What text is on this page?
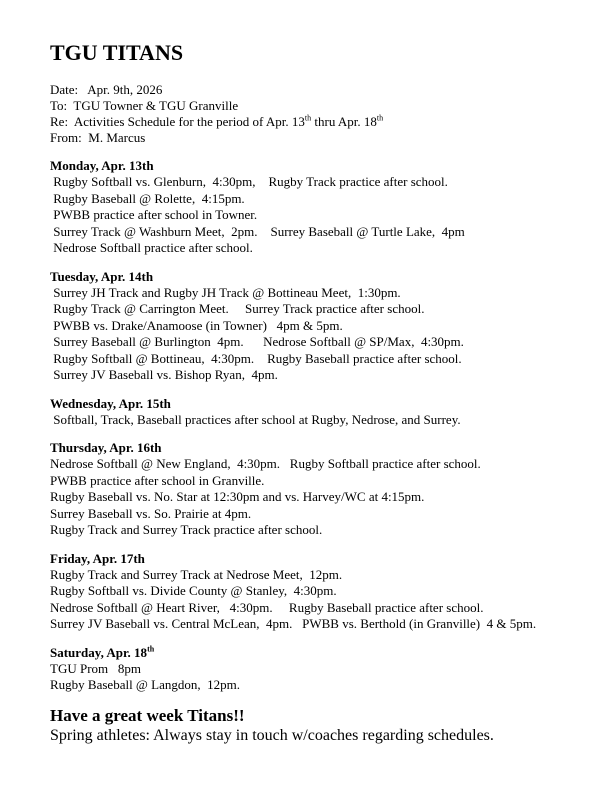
TGU TITANS
Date: Apr. 9th, 2026
To: TGU Towner & TGU Granville
Re: Activities Schedule for the period of Apr. 13th thru Apr. 18th
From: M. Marcus
Monday, Apr. 13th
Rugby Softball vs. Glenburn,  4:30pm,    Rugby Track practice after school.
Rugby Baseball @ Rolette,  4:15pm.
PWBB practice after school in Towner.
Surrey Track @ Washburn Meet,  2pm.    Surrey Baseball @ Turtle Lake,  4pm
Nedrose Softball practice after school.
Tuesday, Apr. 14th
Surrey JH Track and Rugby JH Track @ Bottineau Meet,  1:30pm.
Rugby Track @ Carrington Meet.     Surrey Track practice after school.
PWBB vs. Drake/Anamoose (in Towner)   4pm & 5pm.
Surrey Baseball @ Burlington  4pm.      Nedrose Softball @ SP/Max,  4:30pm.
Rugby Softball @ Bottineau,  4:30pm.    Rugby Baseball practice after school.
Surrey JV Baseball vs. Bishop Ryan,  4pm.
Wednesday, Apr. 15th
Softball, Track, Baseball practices after school at Rugby, Nedrose, and Surrey.
Thursday, Apr. 16th
Nedrose Softball @ New England,  4:30pm.   Rugby Softball practice after school.
PWBB practice after school in Granville.
Rugby Baseball vs. No. Star at 12:30pm and vs. Harvey/WC at 4:15pm.
Surrey Baseball vs. So. Prairie at 4pm.
Rugby Track and Surrey Track practice after school.
Friday, Apr. 17th
Rugby Track and Surrey Track at Nedrose Meet,  12pm.
Rugby Softball vs. Divide County @ Stanley,  4:30pm.
Nedrose Softball @ Heart River,   4:30pm.     Rugby Baseball practice after school.
Surrey JV Baseball vs. Central McLean,  4pm.   PWBB vs. Berthold (in Granville)  4 & 5pm.
Saturday, Apr. 18th
TGU Prom   8pm
Rugby Baseball @ Langdon,  12pm.
Have a great week Titans!!
Spring athletes: Always stay in touch w/coaches regarding schedules.
